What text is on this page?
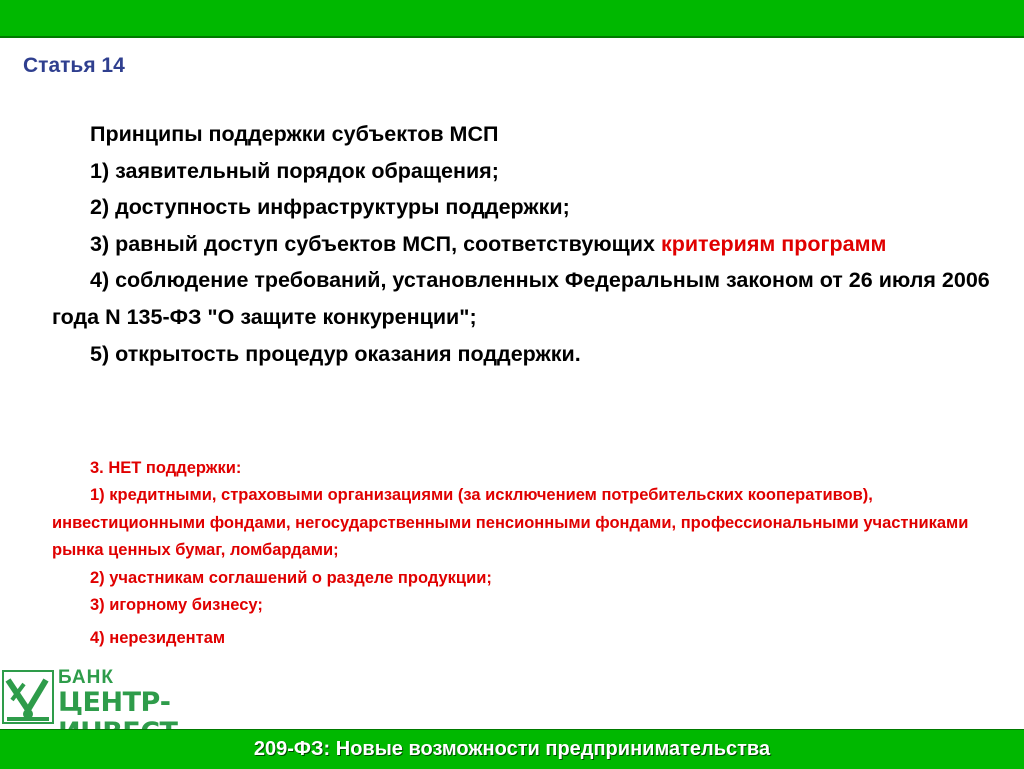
Статья 14

Принципы поддержки субъектов МСП

1) заявительный порядок обращения;

2) доступность инфраструктуры поддержки;

3) равный доступ субъектов МСП, соответствующих критериям программ

4) соблюдение требований, установленных Федеральным законом от 26 июля 2006 года N 135-ФЗ "О защите конкуренции";

5) открытость процедур оказания поддержки.

3. НЕТ поддержки:

1) кредитными, страховыми организациями (за исключением потребительских кооперативов), инвестиционными фондами, негосударственными пенсионными фондами, профессиональными участниками рынка ценных бумаг, ломбардами;

2) участникам соглашений о разделе продукции;

3) игорному бизнесу;

4) нерезидентам

БАНК
ЦЕНТР-
209-ФЗ: Новые возможности предпринимательства
